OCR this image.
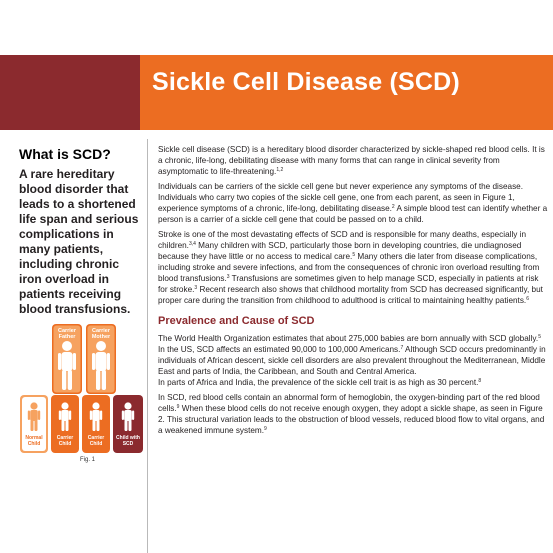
Sickle Cell Disease (SCD)
What is SCD?

A rare hereditary blood disorder that leads to a shortened life span and serious complications in many patients, including chronic iron overload in patients receiving blood transfusions.

Carrier
Father
Carrier
Mother
Normal
Child
Carrier
Child
Carrier
Child
Child with
SCD
Fig. 1

Sickle cell disease (SCD) is a hereditary blood disorder characterized by sickle-shaped red blood cells. It is a chronic, life-long, debilitating disease with many forms that can range in clinical severity from asymptomatic to life-threatening.$^{1,2}$

Individuals can be carriers of the sickle cell gene but never experience any symptoms of the disease. Individuals who carry two copies of the sickle cell gene, one from each parent, as seen in Figure 1, experience symptoms of a chronic, life-long, debilitating disease.$^2$ A simple blood test can identify whether a person is a carrier of a sickle cell gene that could be passed on to a child.

Stroke is one of the most devastating effects of SCD and is responsible for many deaths, especially in children.$^{3,4}$ Many children with SCD, particularly those born in developing countries, die undiagnosed because they have little or no access to medical care.$^5$ Many others die later from disease complications, including stroke and severe infections, and from the consequences of chronic iron overload resulting from blood transfusions.$^3$ Transfusions are sometimes given to help manage SCD, especially in patients at risk for stroke.$^3$ Recent research also shows that childhood mortality from SCD has decreased significantly, but proper care during the transition from childhood to adulthood is critical to maintaining healthy patients.$^6$

Prevalence and Cause of SCD

The World Health Organization estimates that about 275,000 babies are born annually with SCD globally.$^5$ In the US, SCD affects an estimated 90,000 to 100,000 Americans.$^7$ Although SCD occurs predominantly in individuals of African descent, sickle cell disorders are also prevalent throughout the Mediterranean, Middle East and parts of India, the Caribbean, and South and Central America.

In parts of Africa and India, the prevalence of the sickle cell trait is as high as 30 percent.$^8$

In SCD, red blood cells contain an abnormal form of hemoglobin, the oxygen-binding part of the red blood cells.$^9$ When these blood cells do not receive enough oxygen, they adopt a sickle shape, as seen in Figure 2. This structural variation leads to the obstruction of blood vessels, reduced blood flow to vital organs, and a weakened immune system.$^9$
